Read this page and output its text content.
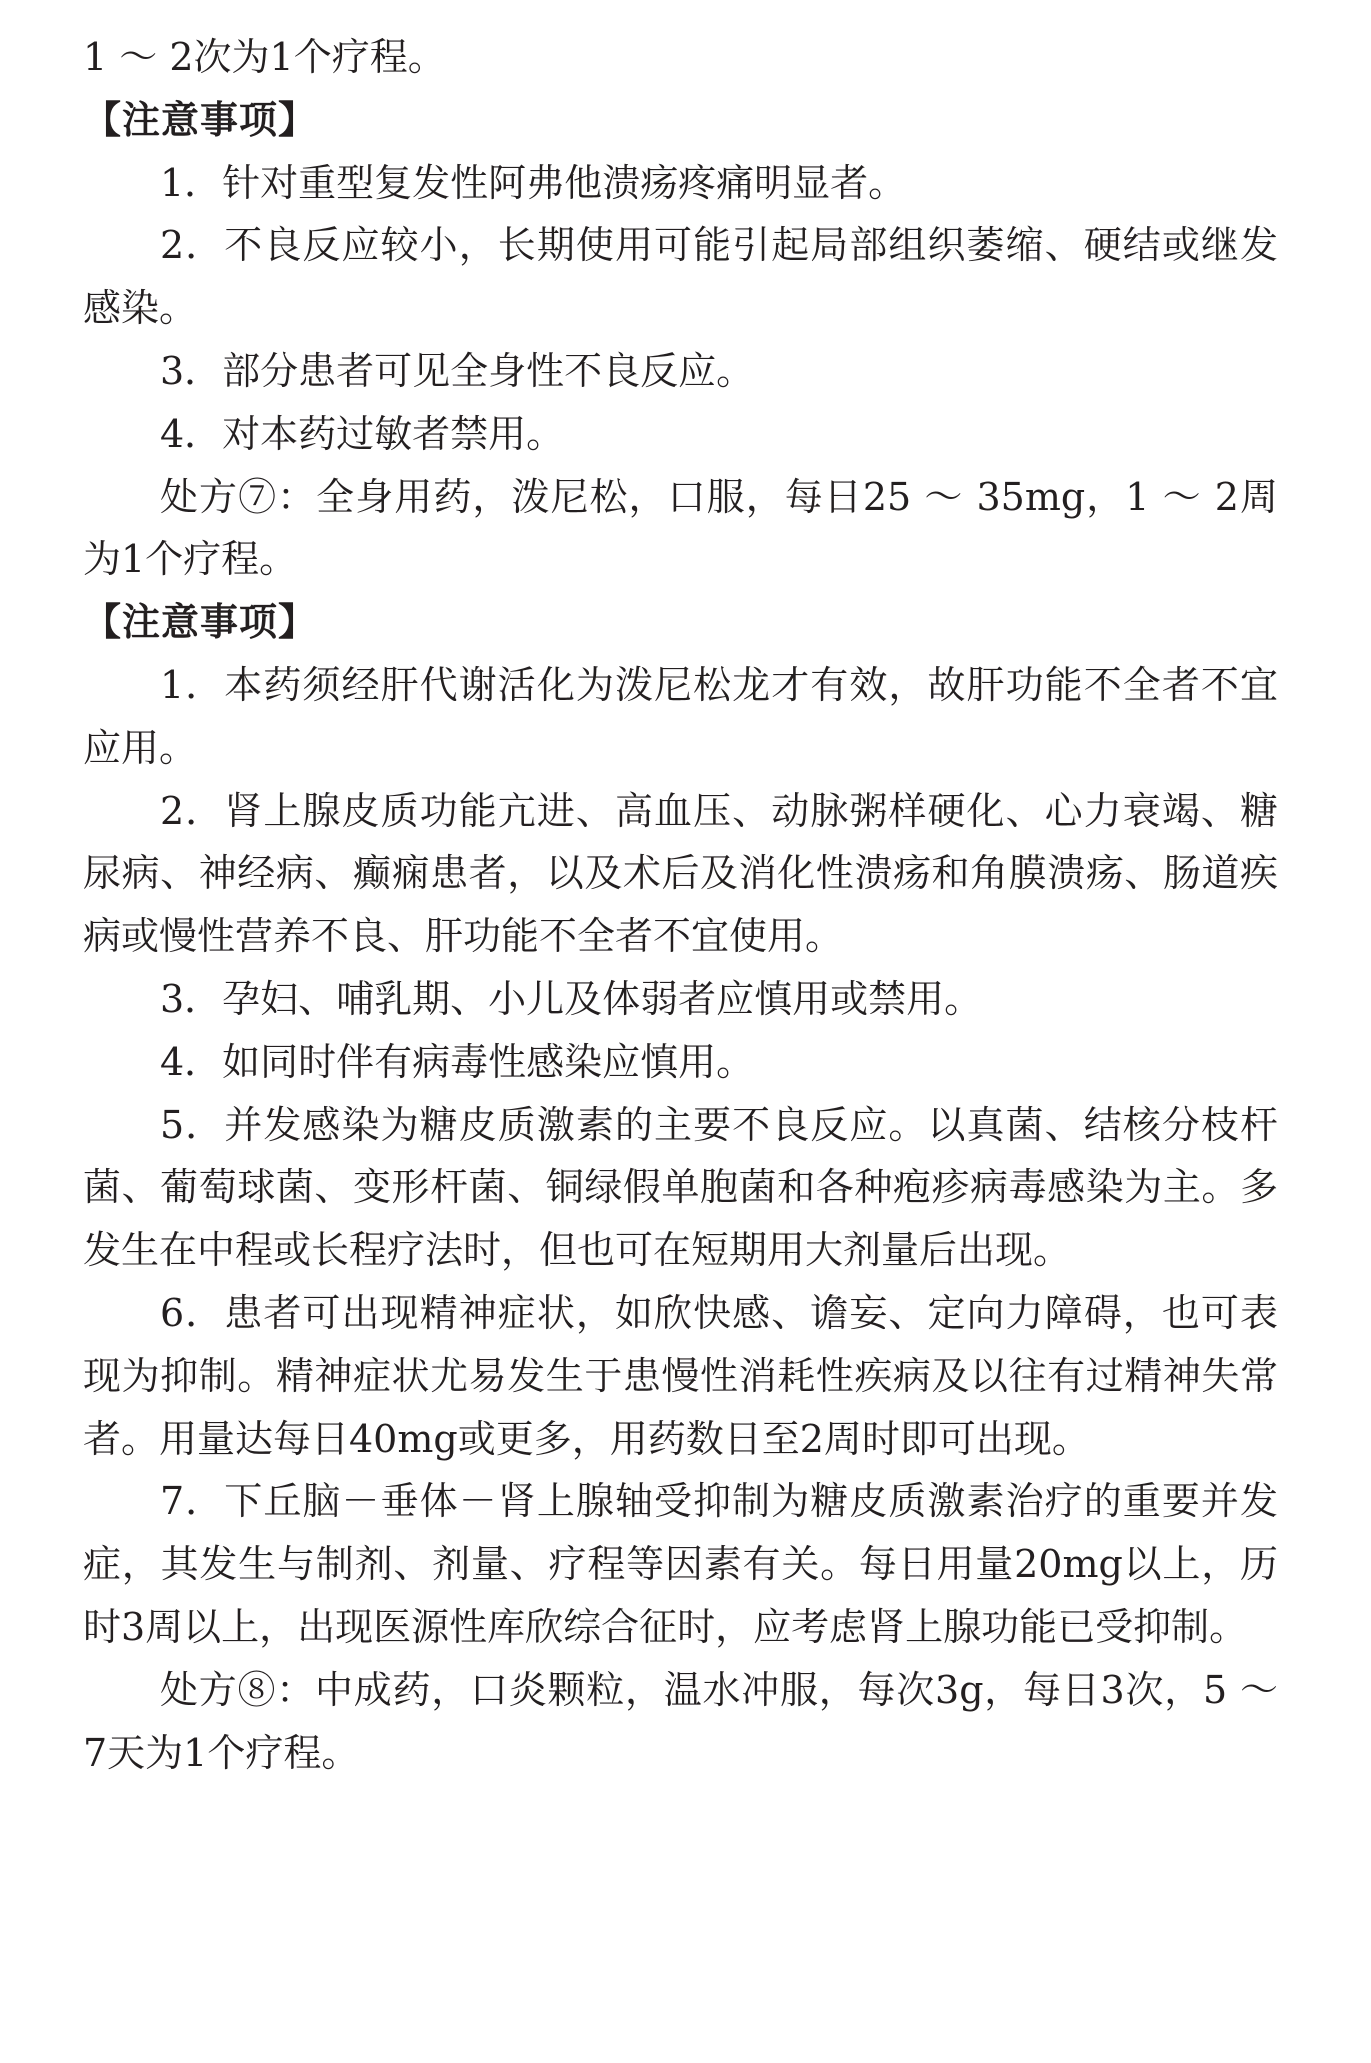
1 ～ 2次为1个疗程。

【注意事项】

1．针对重型复发性阿弗他溃疡疼痛明显者。

2．不良反应较小，长期使用可能引起局部组织萎缩、硬结或继发感染。

3．部分患者可见全身性不良反应。

4．对本药过敏者禁用。

处方⑦：全身用药，泼尼松，口服，每日25 ～ 35mg，1 ～ 2周为1个疗程。

【注意事项】

1．本药须经肝代谢活化为泼尼松龙才有效，故肝功能不全者不宜应用。

2．肾上腺皮质功能亢进、高血压、动脉粥样硬化、心力衰竭、糖尿病、神经病、癫痫患者，以及术后及消化性溃疡和角膜溃疡、肠道疾病或慢性营养不良、肝功能不全者不宜使用。

3．孕妇、哺乳期、小儿及体弱者应慎用或禁用。

4．如同时伴有病毒性感染应慎用。

5．并发感染为糖皮质激素的主要不良反应。以真菌、结核分枝杆菌、葡萄球菌、变形杆菌、铜绿假单胞菌和各种疱疹病毒感染为主。多发生在中程或长程疗法时，但也可在短期用大剂量后出现。

6．患者可出现精神症状，如欣快感、谵妄、定向力障碍，也可表现为抑制。精神症状尤易发生于患慢性消耗性疾病及以往有过精神失常者。用量达每日40mg或更多，用药数日至2周时即可出现。

7．下丘脑－垂体－肾上腺轴受抑制为糖皮质激素治疗的重要并发症，其发生与制剂、剂量、疗程等因素有关。每日用量20mg以上，历时3周以上，出现医源性库欣综合征时，应考虑肾上腺功能已受抑制。

处方⑧：中成药，口炎颗粒，温水冲服，每次3g，每日3次，5 ～ 7天为1个疗程。
